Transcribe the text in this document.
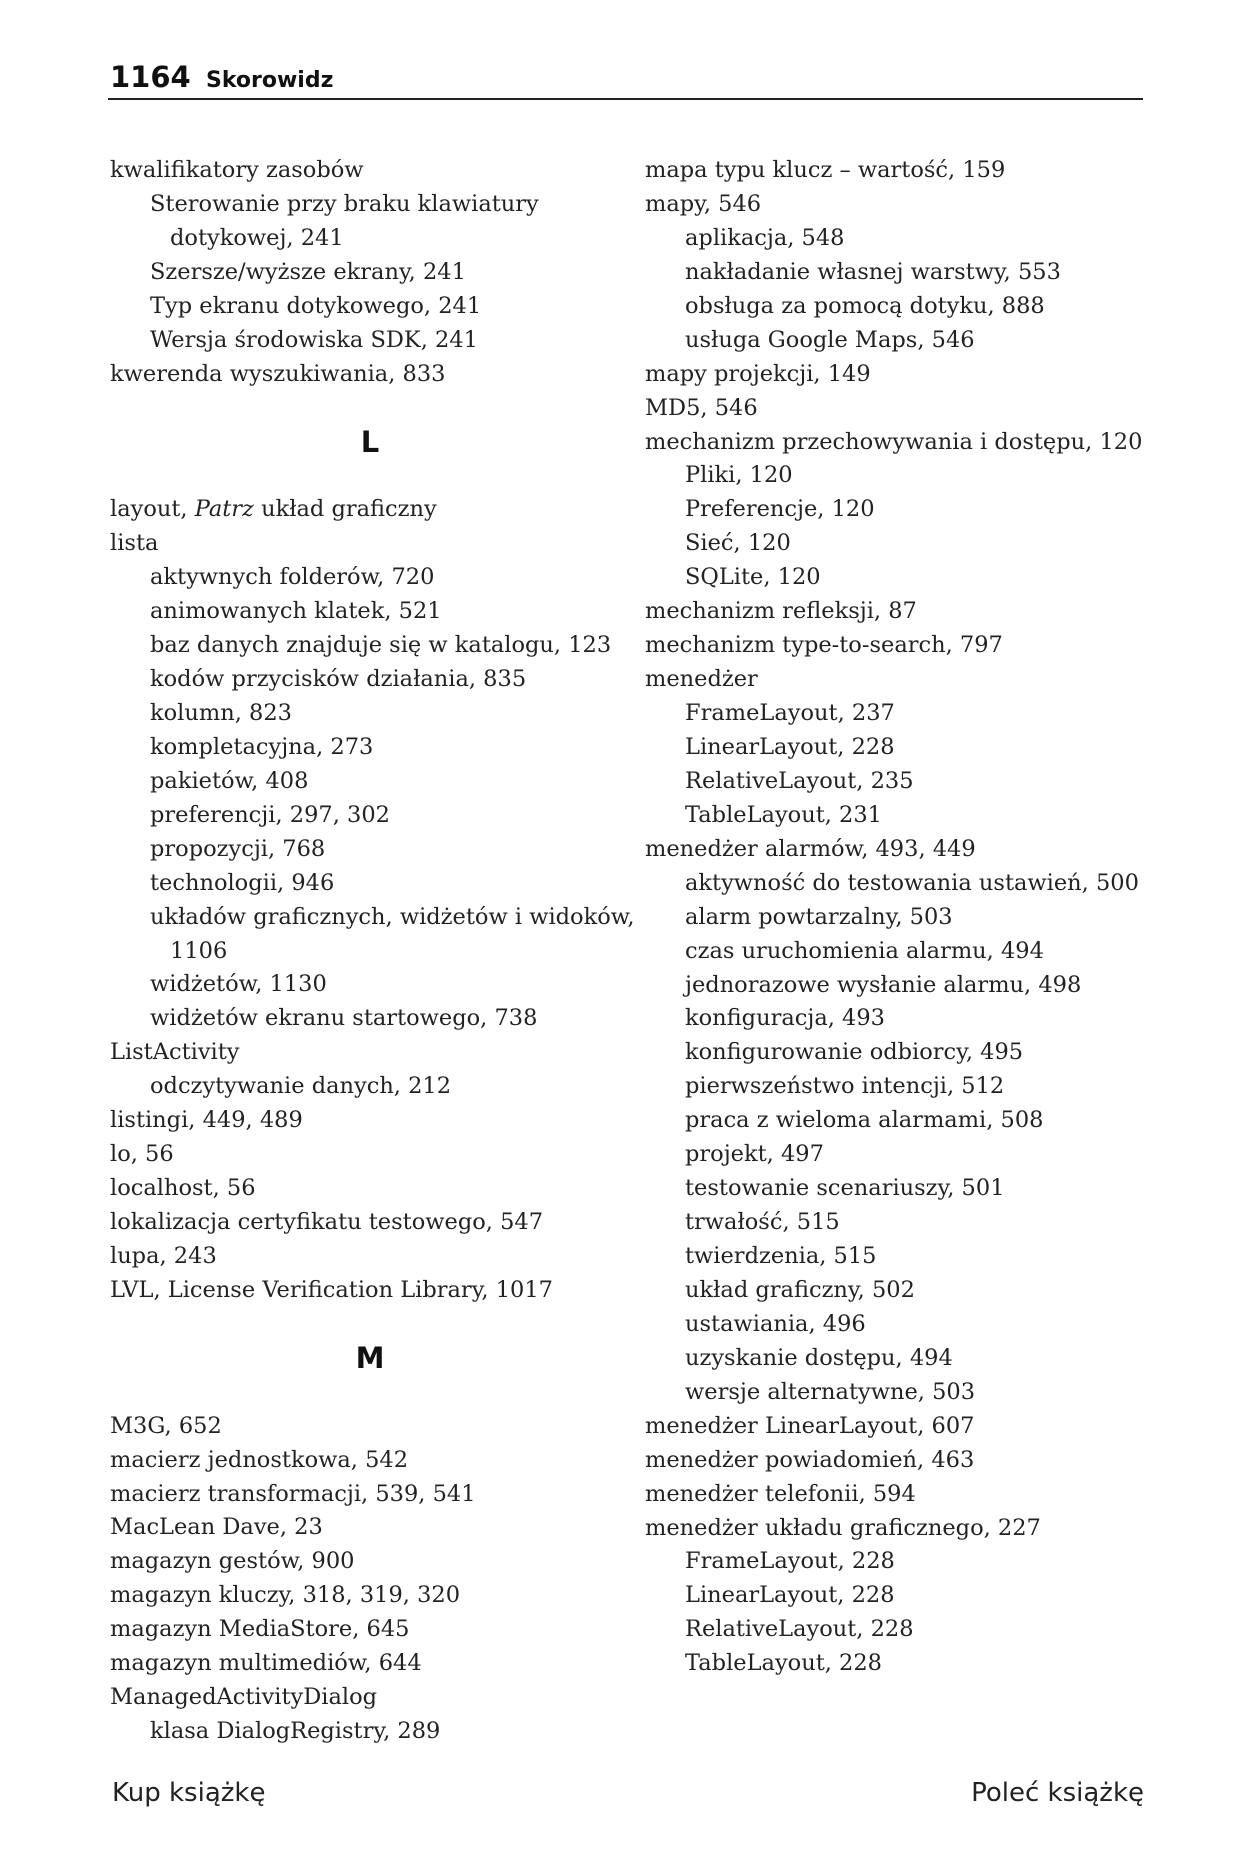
1164 Skorowidz
kwalifikatory zasobów
Sterowanie przy braku klawiatury
dotykowej, 241
Szersze/wyższe ekrany, 241
Typ ekranu dotykowego, 241
Wersja środowiska SDK, 241
kwerenda wyszukiwania, 833
L
layout, Patrz układ graficzny
lista
aktywnych folderów, 720
animowanych klatek, 521
baz danych znajduje się w katalogu, 123
kodów przycisków działania, 835
kolumn, 823
kompletacyjna, 273
pakietów, 408
preferencji, 297, 302
propozycji, 768
technologii, 946
układów graficznych, widżetów i widoków,
1106
widżetów, 1130
widżetów ekranu startowego, 738
ListActivity
odczytywanie danych, 212
listingi, 449, 489
lo, 56
localhost, 56
lokalizacja certyfikatu testowego, 547
lupa, 243
LVL, License Verification Library, 1017
M
M3G, 652
macierz jednostkowa, 542
macierz transformacji, 539, 541
MacLean Dave, 23
magazyn gestów, 900
magazyn kluczy, 318, 319, 320
magazyn MediaStore, 645
magazyn multimediów, 644
ManagedActivityDialog
klasa DialogRegistry, 289
mapa typu klucz – wartość, 159
mapy, 546
aplikacja, 548
nakładanie własnej warstwy, 553
obsługa za pomocą dotyku, 888
usługa Google Maps, 546
mapy projekcji, 149
MD5, 546
mechanizm przechowywania i dostępu, 120
Pliki, 120
Preferencje, 120
Sieć, 120
SQLite, 120
mechanizm refleksji, 87
mechanizm type-to-search, 797
menedżer
FrameLayout, 237
LinearLayout, 228
RelativeLayout, 235
TableLayout, 231
menedżer alarmów, 493, 449
aktywność do testowania ustawień, 500
alarm powtarzalny, 503
czas uruchomienia alarmu, 494
jednorazowe wysłanie alarmu, 498
konfiguracja, 493
konfigurowanie odbiorcy, 495
pierwszeństwo intencji, 512
praca z wieloma alarmami, 508
projekt, 497
testowanie scenariuszy, 501
trwałość, 515
twierdzenia, 515
układ graficzny, 502
ustawiania, 496
uzyskanie dostępu, 494
wersje alternatywne, 503
menedżer LinearLayout, 607
menedżer powiadomień, 463
menedżer telefonii, 594
menedżer układu graficznego, 227
FrameLayout, 228
LinearLayout, 228
RelativeLayout, 228
TableLayout, 228
Kup książkę	Poleć książkę
